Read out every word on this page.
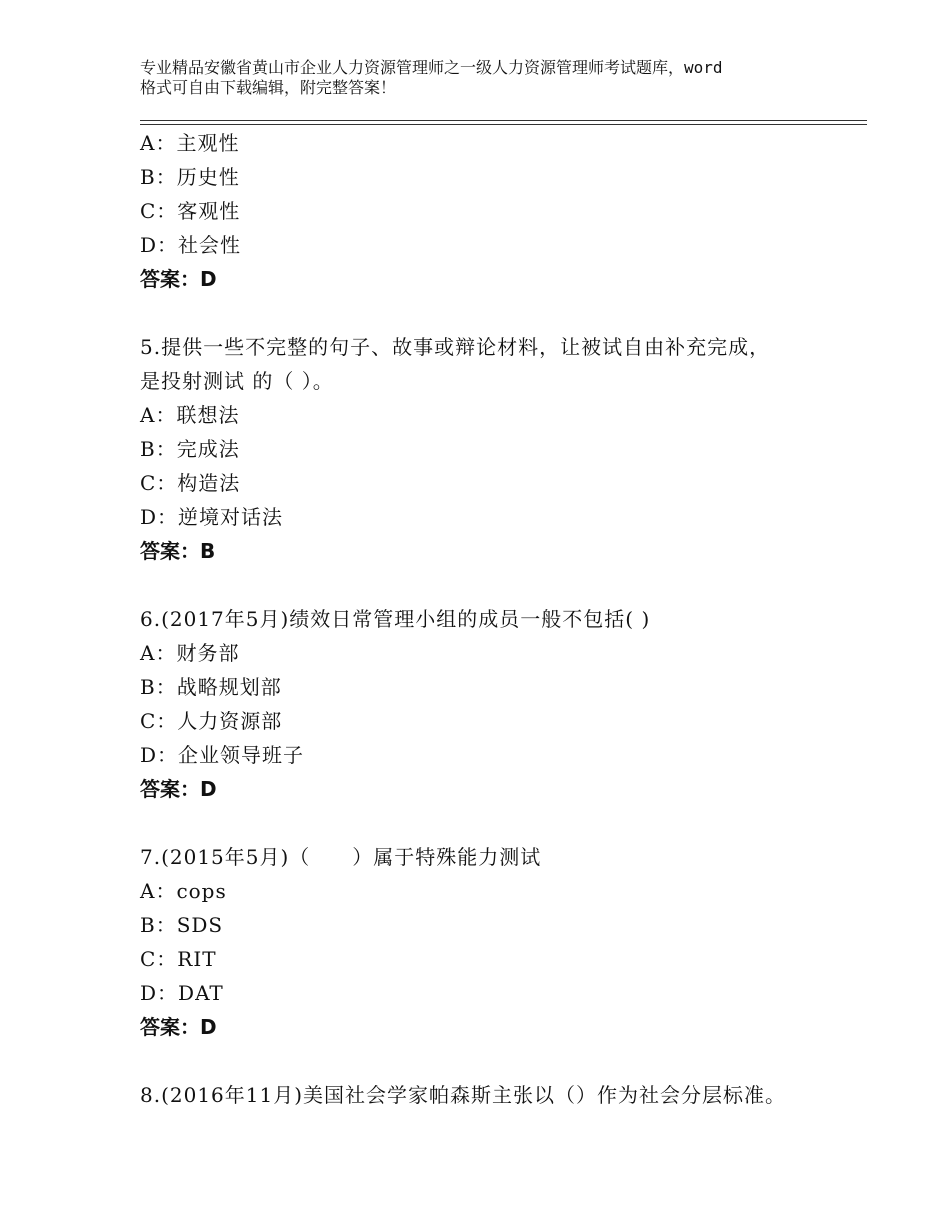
专业精品安徽省黄山市企业人力资源管理师之一级人力资源管理师考试题库，word
格式可自由下载编辑，附完整答案！
A：主观性
B：历史性
C：客观性
D：社会性
答案：D
5.提供一些不完整的句子、故事或辩论材料，让被试自由补充完成，
是投射测试 的（ ）。
A：联想法
B：完成法
C：构造法
D：逆境对话法
答案：B
6.(2017年5月)绩效日常管理小组的成员一般不包括( )
A：财务部
B：战略规划部
C：人力资源部
D：企业领导班子
答案：D
7.(2015年5月)（　　）属于特殊能力测试
A：cops
B：SDS
C：RIT
D：DAT
答案：D
8.(2016年11月)美国社会学家帕森斯主张以（）作为社会分层标准。
